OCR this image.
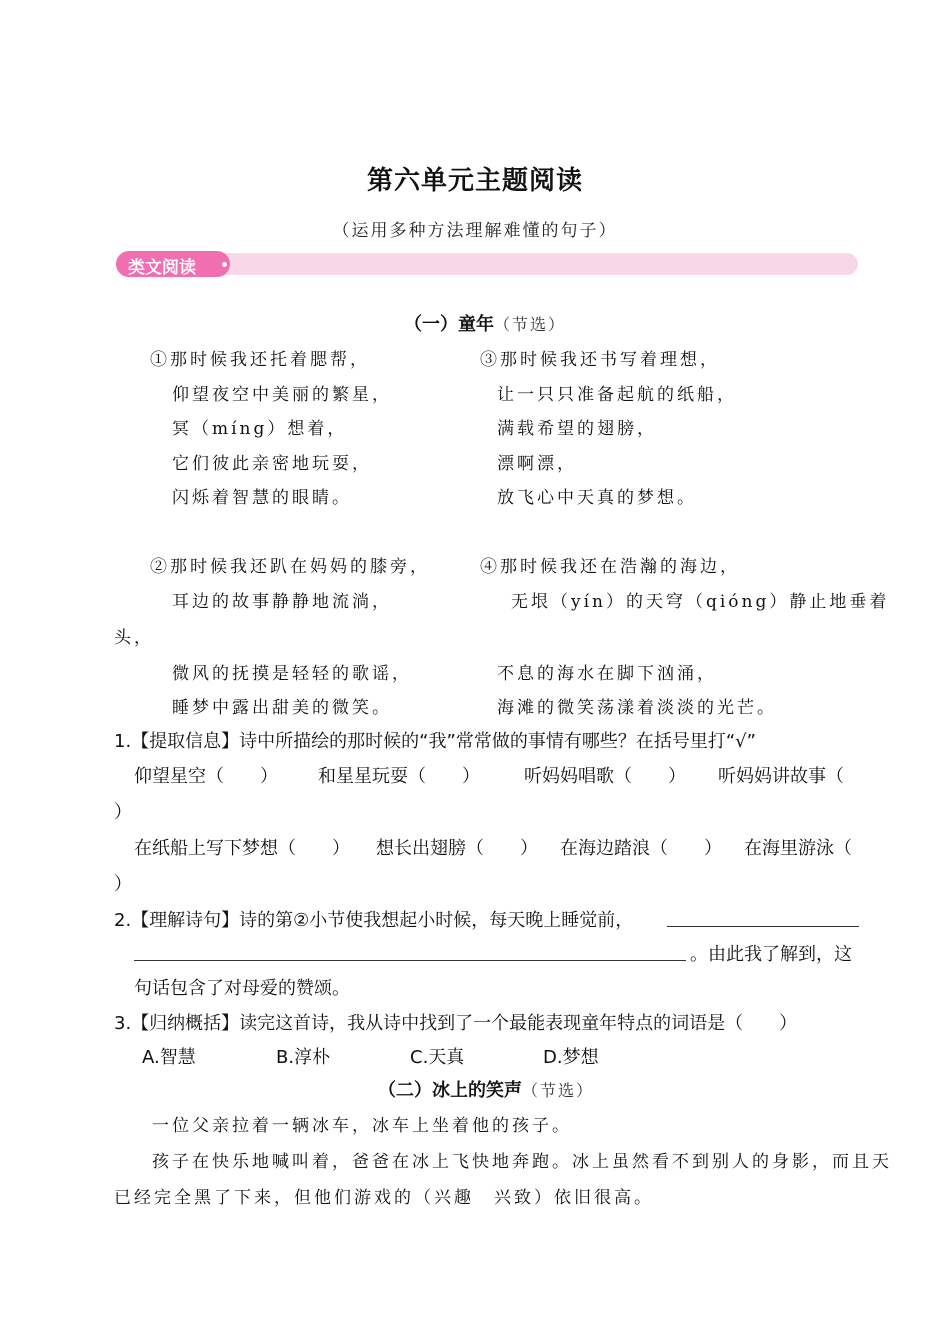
第六单元主题阅读
（运用多种方法理解难懂的句子）
类文阅读
（一）童年（节选）
①那时候我还托着腮帮，
仰望夜空中美丽的繁星，
冥（míng）想着，
它们彼此亲密地玩耍，
闪烁着智慧的眼睛。
③那时候我还书写着理想，
让一只只准备起航的纸船，
满载希望的翅膀，
漂啊漂，
放飞心中天真的梦想。
②那时候我还趴在妈妈的膝旁，
耳边的故事静静地流淌，
微风的抚摸是轻轻的歌谣，
睡梦中露出甜美的微笑。
④那时候我还在浩瀚的海边，
无垠（yín）的天穹（qióng）静止地垂着
头，
不息的海水在脚下汹涌，
海滩的微笑荡漾着淡淡的光芒。
1.【提取信息】诗中所描绘的那时候的“我”常常做的事情有哪些？在括号里打“√”
仰望星空（　　） 和星星玩耍（　　） 听妈妈唱歌（　　） 听妈妈讲故事（
）
在纸船上写下梦想（　　） 想长出翅膀（　　） 在海边踏浪（　　） 在海里游泳（
）
2.【理解诗句】诗的第②小节使我想起小时候，每天晚上睡觉前，
。由此我了解到，这
句话包含了对母爱的赞颂。
3.【归纳概括】读完这首诗，我从诗中找到了一个最能表现童年特点的词语是（　　）
A.智慧	B.淳朴	C.天真	D.梦想
（二）冰上的笑声（节选）
一位父亲拉着一辆冰车，冰车上坐着他的孩子。
孩子在快乐地喊叫着，爸爸在冰上飞快地奔跑。冰上虽然看不到别人的身影，而且天
已经完全黑了下来，但他们游戏的（兴趣　兴致）依旧很高。
